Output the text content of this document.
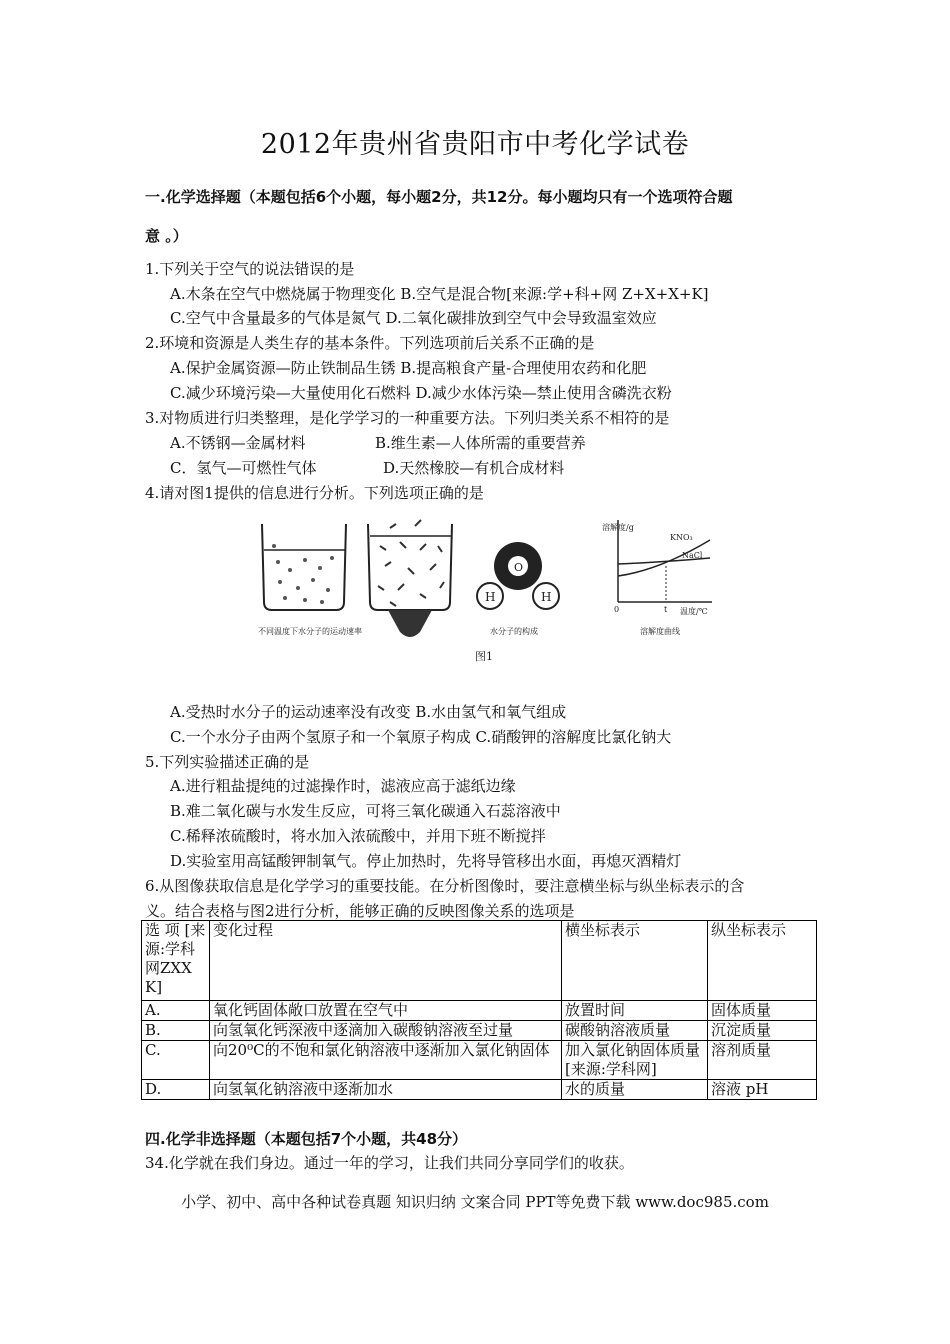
2012年贵州省贵阳市中考化学试卷
一.化学选择题（本题包括6个小题，每小题2分，共12分。每小题均只有一个选项符合题
意 。）
1.下列关于空气的说法错误的是
A.木条在空气中燃烧属于物理变化 B.空气是混合物[来源:学+科+网 Z+X+X+K]
C.空气中含量最多的气体是氮气 D.二氧化碳排放到空气中会导致温室效应
2.环境和资源是人类生存的基本条件。下列选项前后关系不正确的是
A.保护金属资源—防止铁制品生锈 B.提高粮食产量-合理使用农药和化肥
C.减少环境污染—大量使用化石燃料 D.减少水体污染—禁止使用含磷洗衣粉
3.对物质进行归类整理，是化学学习的一种重要方法。下列归类关系不相符的是
A.不锈钢—金属材料	B.维生素—人体所需的重要营养
C．氢气—可燃性气体	D.天然橡胶—有机合成材料
4.请对图1提供的信息进行分析。下列选项正确的是
不同温度下水分子的运动速率
O
H	H
水分子的构成
溶解度/g
KNO₃
NaCl
0	t 温度/℃
溶解度曲线
图1
A.受热时水分子的运动速率没有改变 B.水由氢气和氧气组成
C.一个水分子由两个氢原子和一个氧原子构成 C.硝酸钾的溶解度比氯化钠大
5.下列实验描述正确的是
A.进行粗盐提纯的过滤操作时，滤液应高于滤纸边缘
B.难二氧化碳与水发生反应，可将三氧化碳通入石蕊溶液中
C.稀释浓硫酸时，将水加入浓硫酸中，并用下班不断搅拌
D.实验室用高锰酸钾制氧气。停止加热时，先将导管移出水面，再熄灭酒精灯
6.从图像获取信息是化学学习的重要技能。在分析图像时，要注意横坐标与纵坐标表示的含
义。结合表格与图2进行分析，能够正确的反映图像关系的选项是
选 项 [来源:学科网ZXXK]	变化过程	横坐标表示	纵坐标表示
A.	氧化钙固体敞口放置在空气中	放置时间	固体质量
B.	向氢氧化钙深液中逐滴加入碳酸钠溶液至过量	碳酸钠溶液质量	沉淀质量
C.	向20⁰C的不饱和氯化钠溶液中逐渐加入氯化钠固体	加入氯化钠固体质量[来源:学科网]	溶剂质量
D.	向氢氧化钠溶液中逐渐加水	水的质量	溶液 pH
四.化学非选择题（本题包括7个小题，共48分）
34.化学就在我们身边。通过一年的学习，让我们共同分享同学们的收获。
小学、初中、高中各种试卷真题 知识归纳 文案合同 PPT等免费下载 www.doc985.com
